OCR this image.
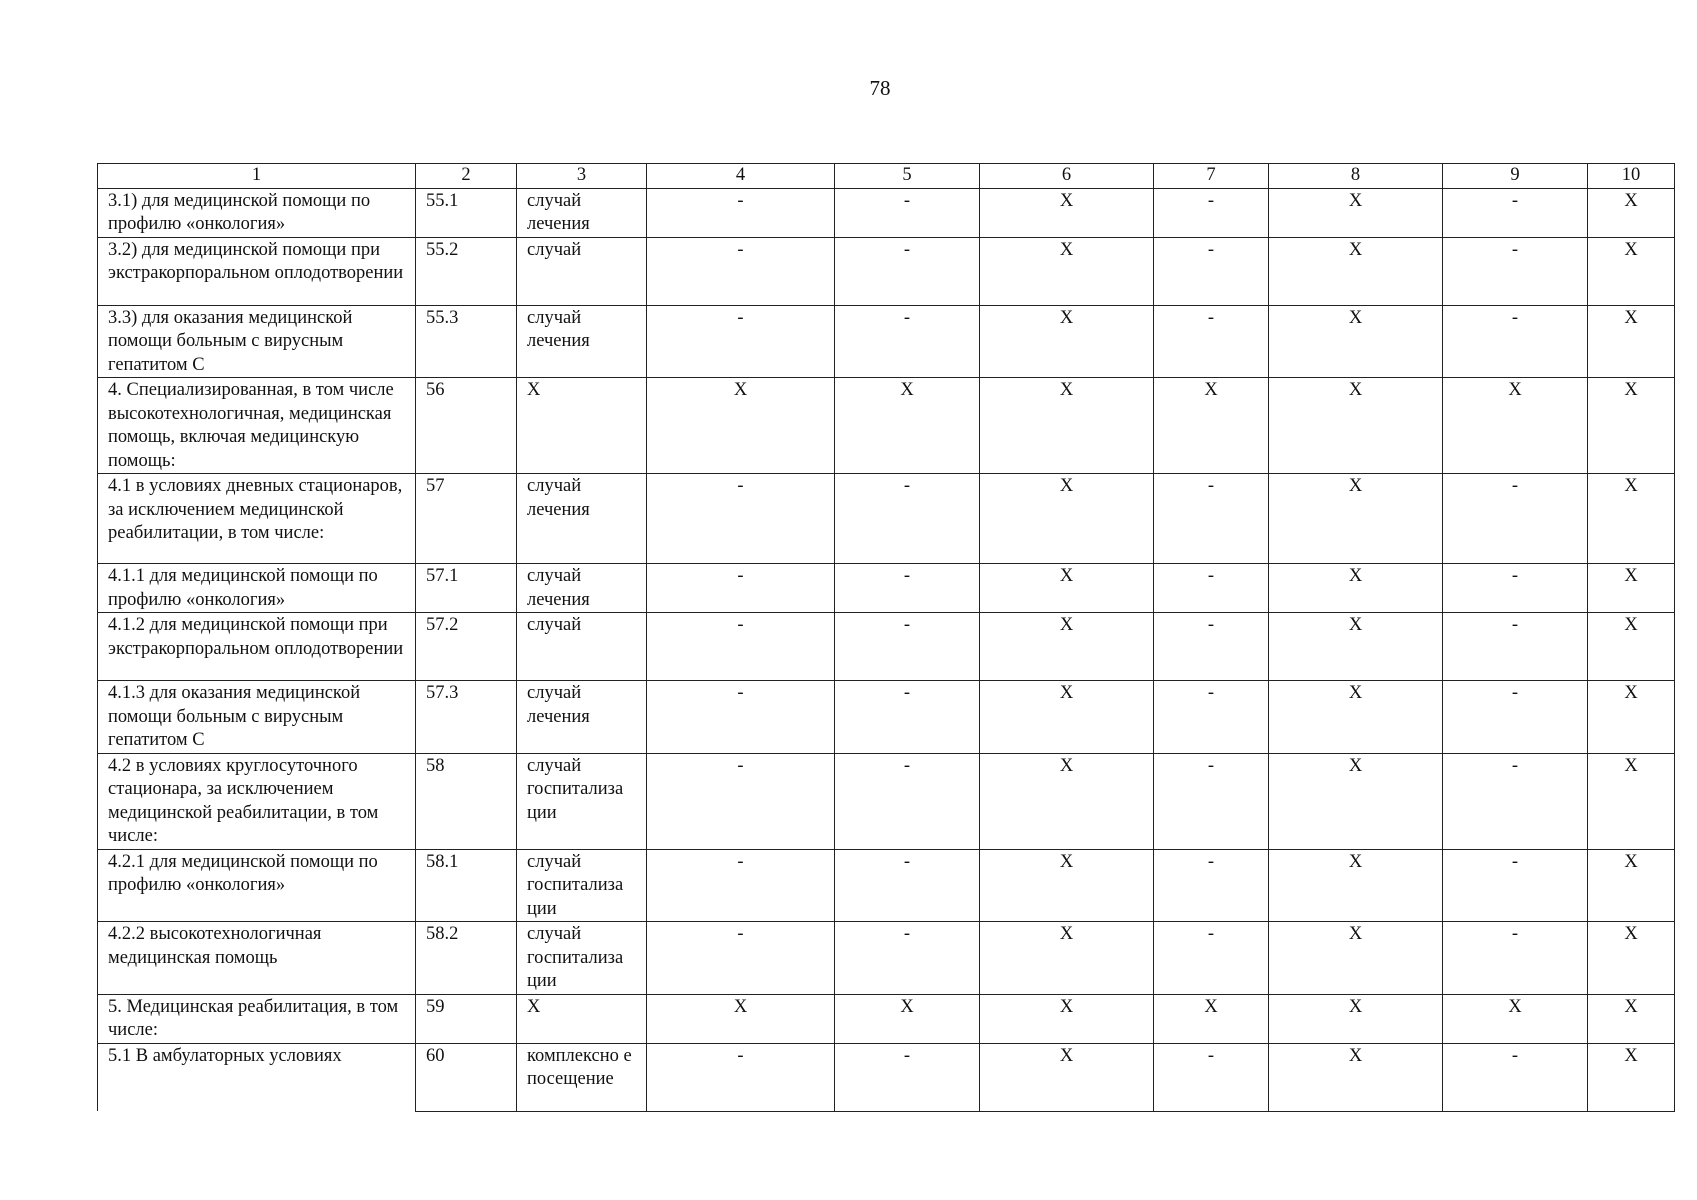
78
1	2	3	4	5	6	7	8	9	10
3.1) для медицинской помощи по профилю «онкология»	55.1	случай лечения	-	-	X	-	X	-	X
3.2) для медицинской помощи при экстракорпоральном оплодотворении	55.2	случай	-	-	X	-	X	-	X
3.3) для оказания медицинской помощи больным с вирусным гепатитом С	55.3	случай лечения	-	-	X	-	X	-	X
4. Специализированная, в том числе высокотехнологичная, медицинская помощь, включая медицинскую помощь:	56	X	X	X	X	X	X	X	X
4.1 в условиях дневных стационаров, за исключением медицинской реабилитации, в том числе:	57	случай лечения	-	-	X	-	X	-	X
4.1.1 для медицинской помощи по профилю «онкология»	57.1	случай лечения	-	-	X	-	X	-	X
4.1.2 для медицинской помощи при экстракорпоральном оплодотворении	57.2	случай	-	-	X	-	X	-	X
4.1.3 для оказания медицинской помощи больным с вирусным гепатитом С	57.3	случай лечения	-	-	X	-	X	-	X
4.2 в условиях круглосуточного стационара, за исключением медицинской реабилитации, в том числе:	58	случай госпитализа ции	-	-	X	-	X	-	X
4.2.1 для медицинской помощи по профилю «онкология»	58.1	случай госпитализа ции	-	-	X	-	X	-	X
4.2.2 высокотехнологичная медицинская помощь	58.2	случай госпитализа ции	-	-	X	-	X	-	X
5. Медицинская реабилитация, в том числе:	59	X	X	X	X	X	X	X	X
5.1 В амбулаторных условиях	60	комплексно е посещение	-	-	X	-	X	-	X
